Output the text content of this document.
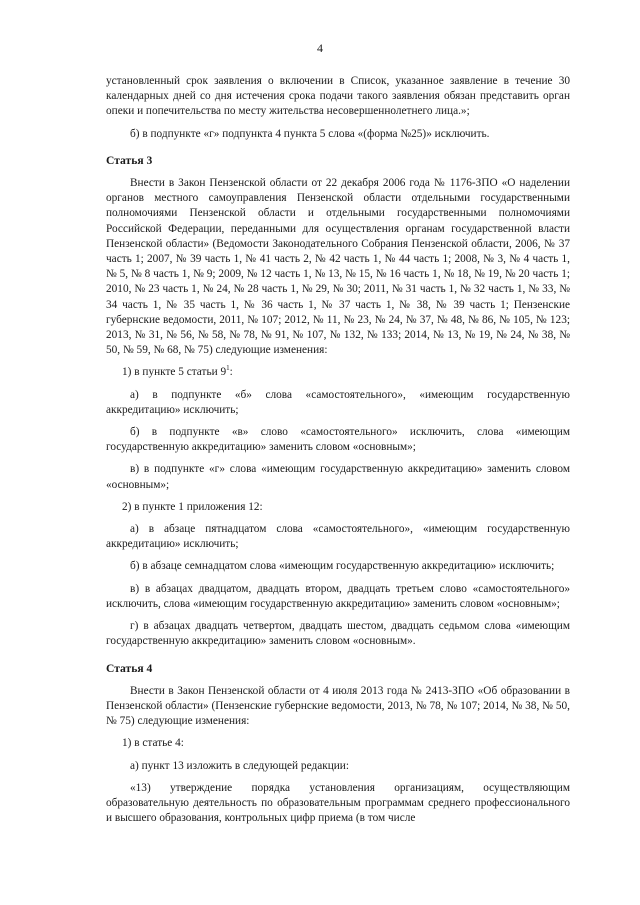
4

установленный срок заявления о включении в Список, указанное заявление в течение 30 календарных дней со дня истечения срока подачи такого заявления обязан представить орган опеки и попечительства по месту жительства несовершеннолетнего лица.»;

б) в подпункте «г» подпункта 4 пункта 5 слова «(форма №25)» исключить.

Статья 3

Внести в Закон Пензенской области от 22 декабря 2006 года № 1176-ЗПО «О наделении органов местного самоуправления Пензенской области отдельными государственными полномочиями Пензенской области и отдельными государственными полномочиями Российской Федерации, переданными для осуществления органам государственной власти Пензенской области» (Ведомости Законодательного Собрания Пензенской области, 2006, № 37 часть 1; 2007, № 39 часть 1, № 41 часть 2, № 42 часть 1, № 44 часть 1; 2008, № 3, № 4 часть 1, № 5, № 8 часть 1, № 9; 2009, № 12 часть 1, № 13, № 15, № 16 часть 1, № 18, № 19, № 20 часть 1; 2010, № 23 часть 1, № 24, № 28 часть 1, № 29, № 30; 2011, № 31 часть 1, № 32 часть 1, № 33, № 34 часть 1, № 35 часть 1, № 36 часть 1, № 37 часть 1, № 38, № 39 часть 1; Пензенские губернские ведомости, 2011, № 107; 2012, № 11, № 23, № 24, № 37, № 48, № 86, № 105, № 123; 2013, № 31, № 56, № 58, № 78, № 91, № 107, № 132, № 133; 2014, № 13, № 19, № 24, № 38, № 50, № 59, № 68, № 75) следующие изменения:

1) в пункте 5 статьи $9^1$:

а) в подпункте «б» слова «самостоятельного», «имеющим государственную аккредитацию» исключить;

б) в подпункте «в» слово «самостоятельного» исключить, слова «имеющим государственную аккредитацию» заменить словом «основным»;

в) в подпункте «г» слова «имеющим государственную аккредитацию» заменить словом «основным»;

2) в пункте 1 приложения 12:

а) в абзаце пятнадцатом слова «самостоятельного», «имеющим государственную аккредитацию» исключить;

б) в абзаце семнадцатом слова «имеющим государственную аккредитацию» исключить;

в) в абзацах двадцатом, двадцать втором, двадцать третьем слово «самостоятельного» исключить, слова «имеющим государственную аккредитацию» заменить словом «основным»;

г) в абзацах двадцать четвертом, двадцать шестом, двадцать седьмом слова «имеющим государственную аккредитацию» заменить словом «основным».

Статья 4

Внести в Закон Пензенской области от 4 июля 2013 года № 2413-ЗПО «Об образовании в Пензенской области» (Пензенские губернские ведомости, 2013, № 78, № 107; 2014, № 38, № 50, № 75) следующие изменения:

1) в статье 4:

а) пункт 13 изложить в следующей редакции:

«13) утверждение порядка установления организациям, осуществляющим образовательную деятельность по образовательным программам среднего профессионального и высшего образования, контрольных цифр приема (в том числе
